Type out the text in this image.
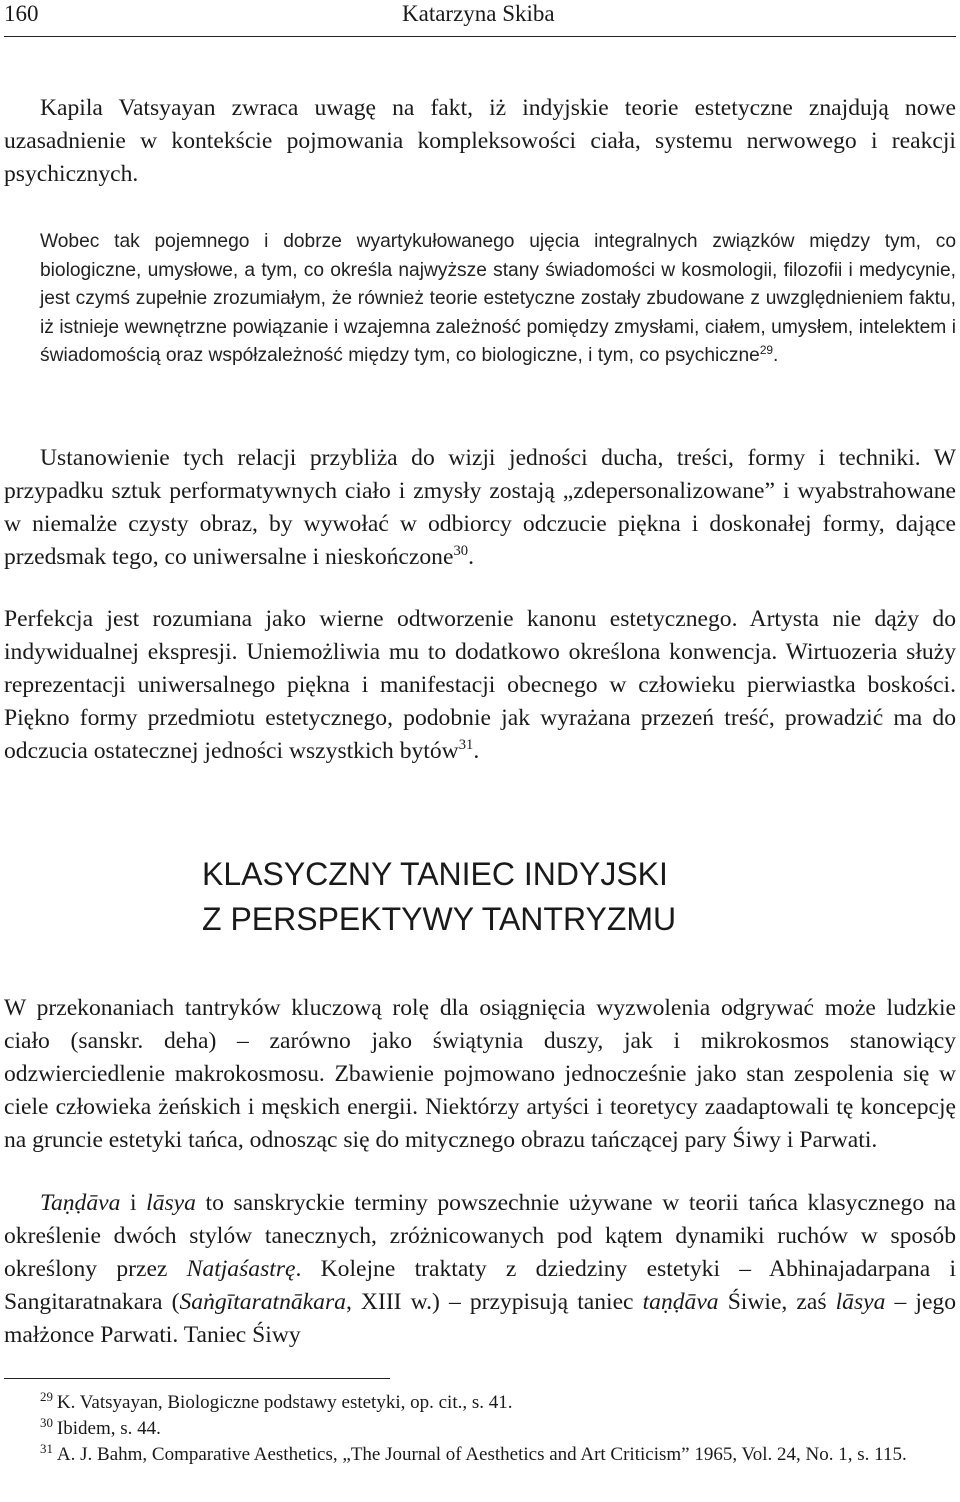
160	Katarzyna Skiba

Kapila Vatsyayan zwraca uwagę na fakt, iż indyjskie teorie estetyczne znajdują nowe uzasadnienie w kontekście pojmowania kompleksowości ciała, systemu nerwowego i reakcji psychicznych.

Wobec tak pojemnego i dobrze wyartykułowanego ujęcia integralnych związków między tym, co biologiczne, umysłowe, a tym, co określa najwyższe stany świadomości w kosmologii, filozofii i medycynie, jest czymś zupełnie zrozumiałym, że również teorie estetyczne zostały zbudowane z uwzględnieniem faktu, iż istnieje wewnętrzne powiązanie i wzajemna zależność pomiędzy zmysłami, ciałem, umysłem, intelektem i świadomością oraz współzależność między tym, co biologiczne, i tym, co psychiczne$^{29}$.

Ustanowienie tych relacji przybliża do wizji jedności ducha, treści, formy i techniki. W przypadku sztuk performatywnych ciało i zmysły zostają „zdepersonalizowane” i wyabstrahowane w niemalże czysty obraz, by wywołać w odbiorcy odczucie piękna i doskonałej formy, dające przedsmak tego, co uniwersalne i nieskończone$^{30}$.

Perfekcja jest rozumiana jako wierne odtworzenie kanonu estetycznego. Artysta nie dąży do indywidualnej ekspresji. Uniemożliwia mu to dodatkowo określona konwencja. Wirtuozeria służy reprezentacji uniwersalnego piękna i manifestacji obecnego w człowieku pierwiastka boskości. Piękno formy przedmiotu estetycznego, podobnie jak wyrażana przezeń treść, prowadzić ma do odczucia ostatecznej jedności wszystkich bytów$^{31}$.

KLASYCZNY TANIEC INDYJSKI
Z PERSPEKTYWY TANTRYZMU

W przekonaniach tantryków kluczową rolę dla osiągnięcia wyzwolenia odgrywać może ludzkie ciało (sanskr. deha) – zarówno jako świątynia duszy, jak i mikrokosmos stanowiący odzwierciedlenie makrokosmosu. Zbawienie pojmowano jednocześnie jako stan zespolenia się w ciele człowieka żeńskich i męskich energii. Niektórzy artyści i teoretycy zaadaptowali tę koncepcję na gruncie estetyki tańca, odnosząc się do mitycznego obrazu tańczącej pary Śiwy i Parwati.

Taṇḍāva i lāsya to sanskryckie terminy powszechnie używane w teorii tańca klasycznego na określenie dwóch stylów tanecznych, zróżnicowanych pod kątem dynamiki ruchów w sposób określony przez Natjaśastrę. Kolejne traktaty z dziedziny estetyki – Abhinajadarpana i Sangitaratnakara (Saṅgītaratnākara, XIII w.) – przypisują taniec taṇḍāva Śiwie, zaś lāsya – jego małżonce Parwati. Taniec Śiwy

$^{29}$ K. Vatsyayan, Biologiczne podstawy estetyki, op. cit., s. 41.

$^{30}$ Ibidem, s. 44.

$^{31}$ A. J. Bahm, Comparative Aesthetics, „The Journal of Aesthetics and Art Criticism” 1965, Vol. 24, No. 1, s. 115.
